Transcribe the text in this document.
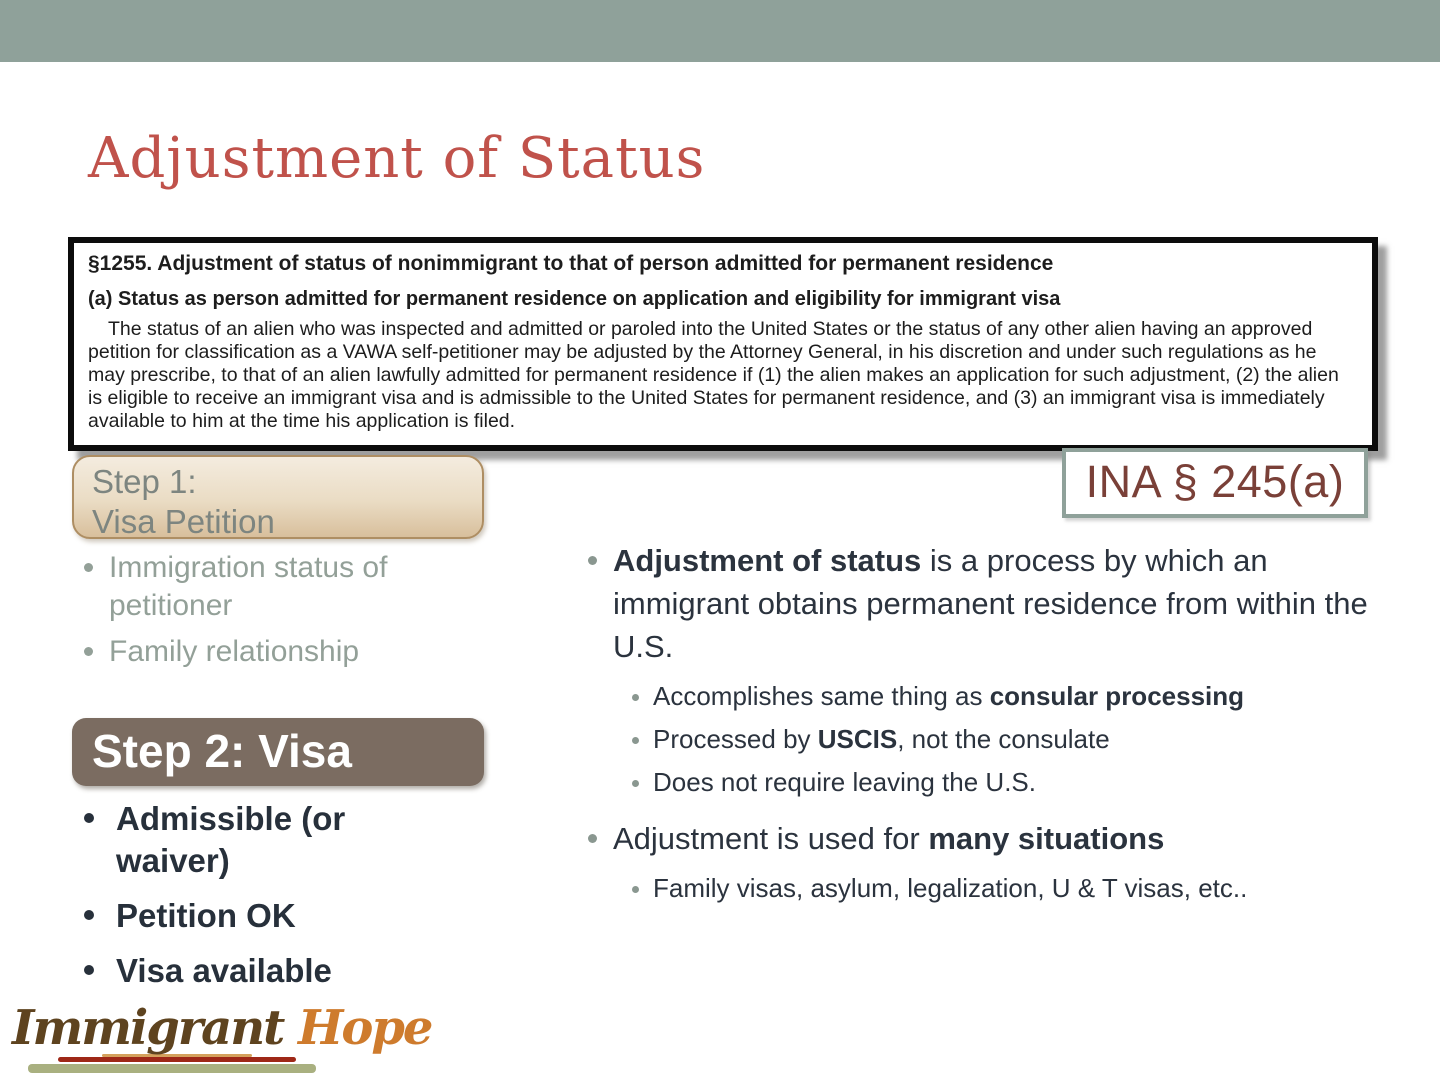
Adjustment of Status

§1255. Adjustment of status of nonimmigrant to that of person admitted for permanent residence

(a) Status as person admitted for permanent residence on application and eligibility for immigrant visa

The status of an alien who was inspected and admitted or paroled into the United States or the status of any other alien having an approved petition for classification as a VAWA self-petitioner may be adjusted by the Attorney General, in his discretion and under such regulations as he may prescribe, to that of an alien lawfully admitted for permanent residence if (1) the alien makes an application for such adjustment, (2) the alien is eligible to receive an immigrant visa and is admissible to the United States for permanent residence, and (3) an immigrant visa is immediately available to him at the time his application is filed.

Step 1:
Visa Petition
Immigration status of petitioner
Family relationship
INA § 245(a)

Adjustment of status is a process by which an immigrant obtains permanent residence from within the U.S.

Accomplishes same thing as consular processing

Processed by USCIS, not the consulate

Does not require leaving the U.S.

Adjustment is used for many situations

Family visas, asylum, legalization, U & T visas, etc..

Step 2: Visa
Admissible (or waiver)
Petition OK
Visa available

Immigrant Hope
